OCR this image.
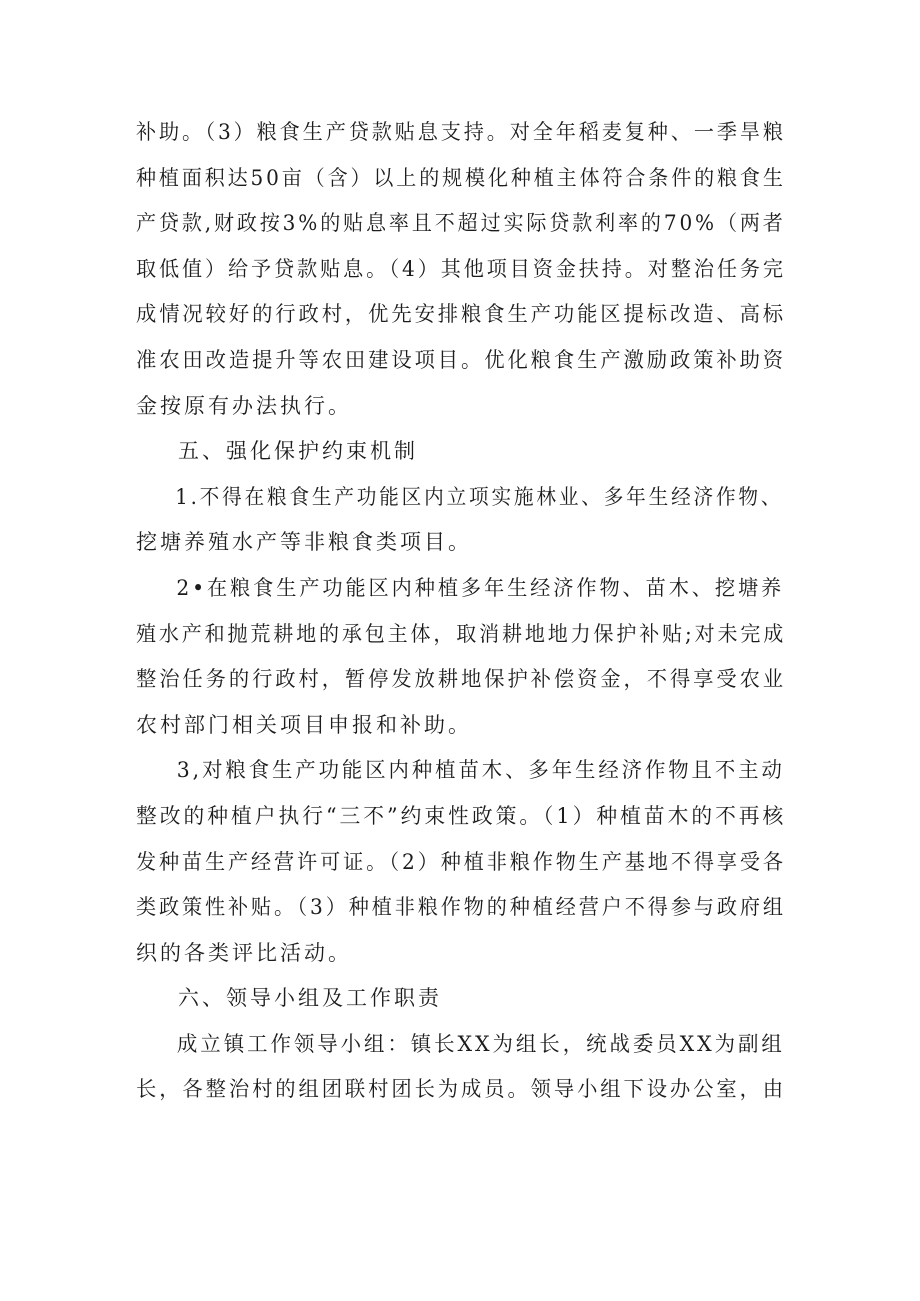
补助。（3）粮食生产贷款贴息支持。对全年稻麦复种、一季旱粮
种植面积达50亩（含）以上的规模化种植主体符合条件的粮食生
产贷款,财政按3%的贴息率且不超过实际贷款利率的70%（两者
取低值）给予贷款贴息。（4）其他项目资金扶持。对整治任务完
成情况较好的行政村，优先安排粮食生产功能区提标改造、高标
准农田改造提升等农田建设项目。优化粮食生产激励政策补助资
金按原有办法执行。
五、强化保护约束机制
1.不得在粮食生产功能区内立项实施林业、多年生经济作物、
挖塘养殖水产等非粮食类项目。
2•在粮食生产功能区内种植多年生经济作物、苗木、挖塘养
殖水产和抛荒耕地的承包主体，取消耕地地力保护补贴;对未完成
整治任务的行政村，暂停发放耕地保护补偿资金，不得享受农业
农村部门相关项目申报和补助。
3,对粮食生产功能区内种植苗木、多年生经济作物且不主动
整改的种植户执行“三不”约束性政策。（1）种植苗木的不再核
发种苗生产经营许可证。（2）种植非粮作物生产基地不得享受各
类政策性补贴。（3）种植非粮作物的种植经营户不得参与政府组
织的各类评比活动。
六、领导小组及工作职责
成立镇工作领导小组：镇长XX为组长，统战委员XX为副组
长，各整治村的组团联村团长为成员。领导小组下设办公室，由
